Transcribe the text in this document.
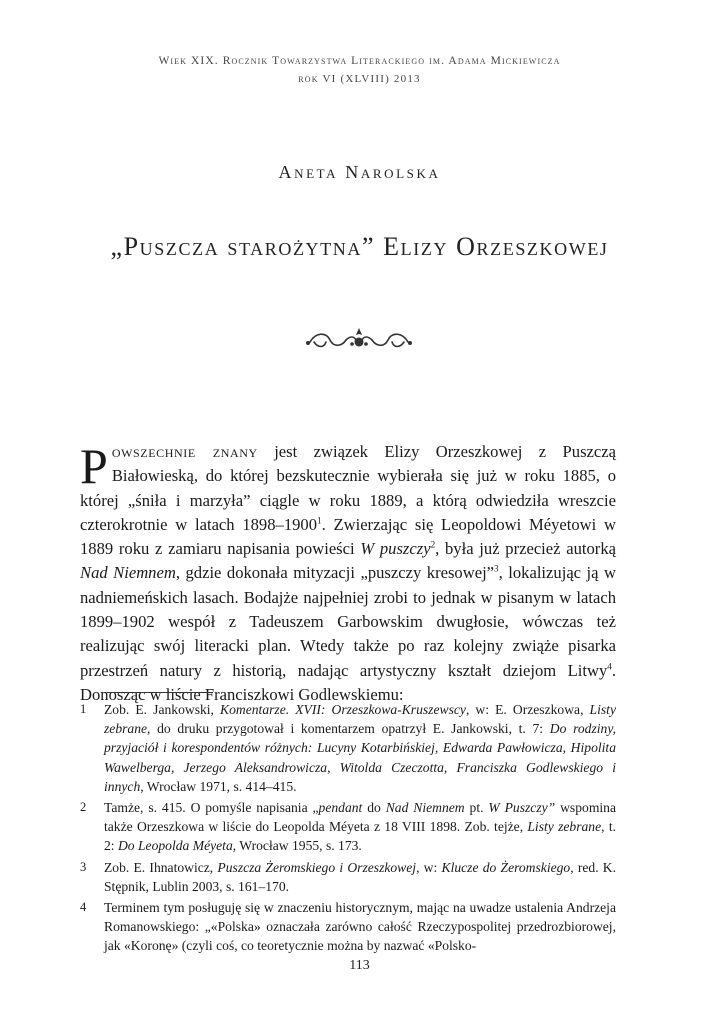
Wiek XIX. Rocznik Towarzystwa Literackiego im. Adama Mickiewicza
rok VI (XLVIII) 2013
Aneta Narolska
„Puszcza starożytna” Elizy Orzeszkowej
Powszechnie znany jest związek Elizy Orzeszkowej z Puszczą Białowieską, do której bezskutecznie wybierała się już w roku 1885, o której „śniła i marzyła” ciągle w roku 1889, a którą odwiedziła wreszcie czterokrotnie w latach 1898–1900$^1$. Zwierzając się Leopoldowi Méyetowi w 1889 roku z zamiaru napisania powieści W puszczy$^2$, była już przecież autorką Nad Niemnem, gdzie dokonała mityzacji „puszczy kresowej”$^3$, lokalizując ją w nadniemeńskich lasach. Bodajże najpełniej zrobi to jednak w pisanym w latach 1899–1902 wespół z Tadeuszem Garbowskim dwugłosie, wówczas też realizując swój literacki plan. Wtedy także po raz kolejny zwiąże pisarka przestrzeń natury z historią, nadając artystyczny kształt dziejom Litwy$^4$. Donosząc w liście Franciszkowi Godlewskiemu:
1	Zob. E. Jankowski, Komentarze. XVII: Orzeszkowa-Kruszewscy, w: E. Orzeszkowa, Listy zebrane, do druku przygotował i komentarzem opatrzył E. Jankowski, t. 7: Do rodziny, przyjaciół i korespondentów różnych: Lucyny Kotarbińskiej, Edwarda Pawłowicza, Hipolita Wawelberga, Jerzego Aleksandrowicza, Witolda Czeczotta, Franciszka Godlewskiego i innych, Wrocław 1971, s. 414–415.
2	Tamże, s. 415. O pomyśle napisania „pendant do Nad Niemnem pt. W Puszczy” wspomina także Orzeszkowa w liście do Leopolda Méyeta z 18 VIII 1898. Zob. tejże, Listy zebrane, t. 2: Do Leopolda Méyeta, Wrocław 1955, s. 173.
3	Zob. E. Ihnatowicz, Puszcza Żeromskiego i Orzeszkowej, w: Klucze do Żeromskiego, red. K. Stępnik, Lublin 2003, s. 161–170.
4	Terminem tym posługuję się w znaczeniu historycznym, mając na uwadze ustalenia Andrzeja Romanowskiego: „«Polska» oznaczała zarówno całość Rzeczypospolitej przedrozbiorowej, jak «Koronę» (czyli coś, co teoretycznie można by nazwać «Polsko-
113
